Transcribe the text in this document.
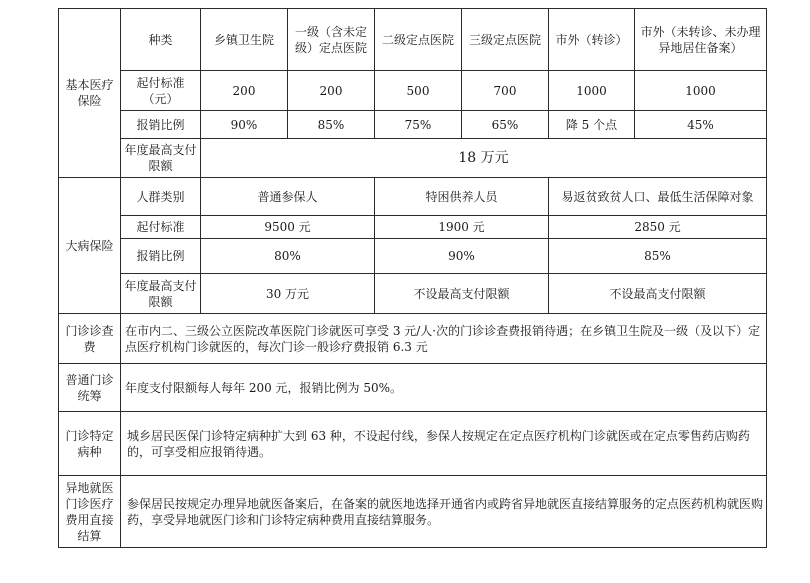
基本医疗保险	种类	乡镇卫生院	一级（含未定级）定点医院	二级定点医院	三级定点医院	市外（转诊）	市外（未转诊、未办理异地居住备案）
	起付标准（元）	200	200	500	700	1000	1000
	报销比例	90%	85%	75%	65%	降 5 个点	45%
	年度最高支付限额	18 万元					
大病保险	人群类别	普通参保人		特困供养人员		易返贫致贫人口、最低生活保障对象	
	起付标准	9500 元		1900 元		2850 元	
	报销比例	80%		90%		85%	
	年度最高支付限额	30 万元		不设最高支付限额		不设最高支付限额	
门诊诊查费	在市内二、三级公立医院改革医院门诊就医可享受 3 元/人·次的门诊诊查费报销待遇；在乡镇卫生院及一级（及以下）定点医疗机构门诊就医的，每次门诊一般诊疗费报销 6.3 元						
普通门诊统筹	年度支付限额每人每年 200 元，报销比例为 50%。						
门诊特定病种	城乡居民医保门诊特定病种扩大到 63 种，不设起付线，参保人按规定在定点医疗机构门诊就医或在定点零售药店购药的，可享受相应报销待遇。						
异地就医门诊医疗费用直接结算	参保居民按规定办理异地就医备案后，在备案的就医地选择开通省内或跨省异地就医直接结算服务的定点医药机构就医购药，享受异地就医门诊和门诊特定病种费用直接结算服务。						
